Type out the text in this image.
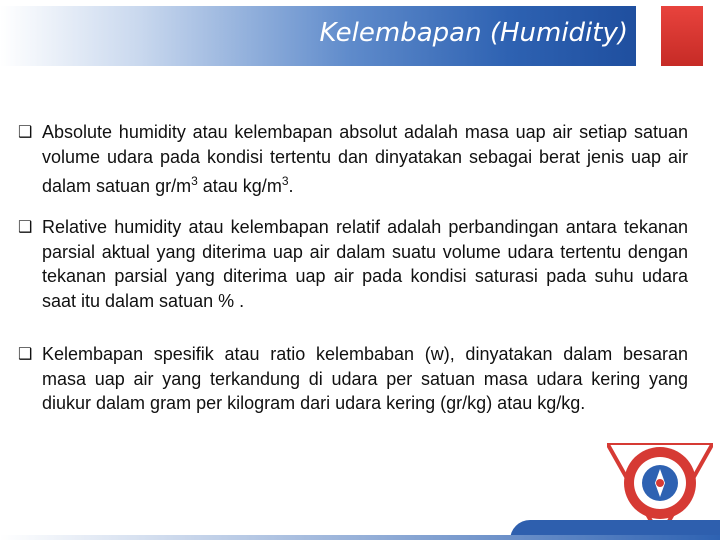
Kelembapan (Humidity)
❑ Absolute humidity atau kelembapan absolut adalah masa uap air setiap satuan volume udara pada kondisi tertentu dan dinyatakan sebagai berat jenis uap air dalam satuan $gr/m^3$ atau $kg/m^3$.
❑ Relative humidity atau kelembapan relatif adalah perbandingan antara tekanan parsial aktual yang diterima uap air dalam suatu volume udara tertentu dengan tekanan parsial yang diterima uap air pada kondisi saturasi pada suhu udara saat itu dalam satuan % .
❑ Kelembapan spesifik atau ratio kelembaban (w), dinyatakan dalam besaran masa uap air yang terkandung di udara per satuan masa udara kering yang diukur dalam gram per kilogram dari udara kering (gr/kg) atau kg/kg.
